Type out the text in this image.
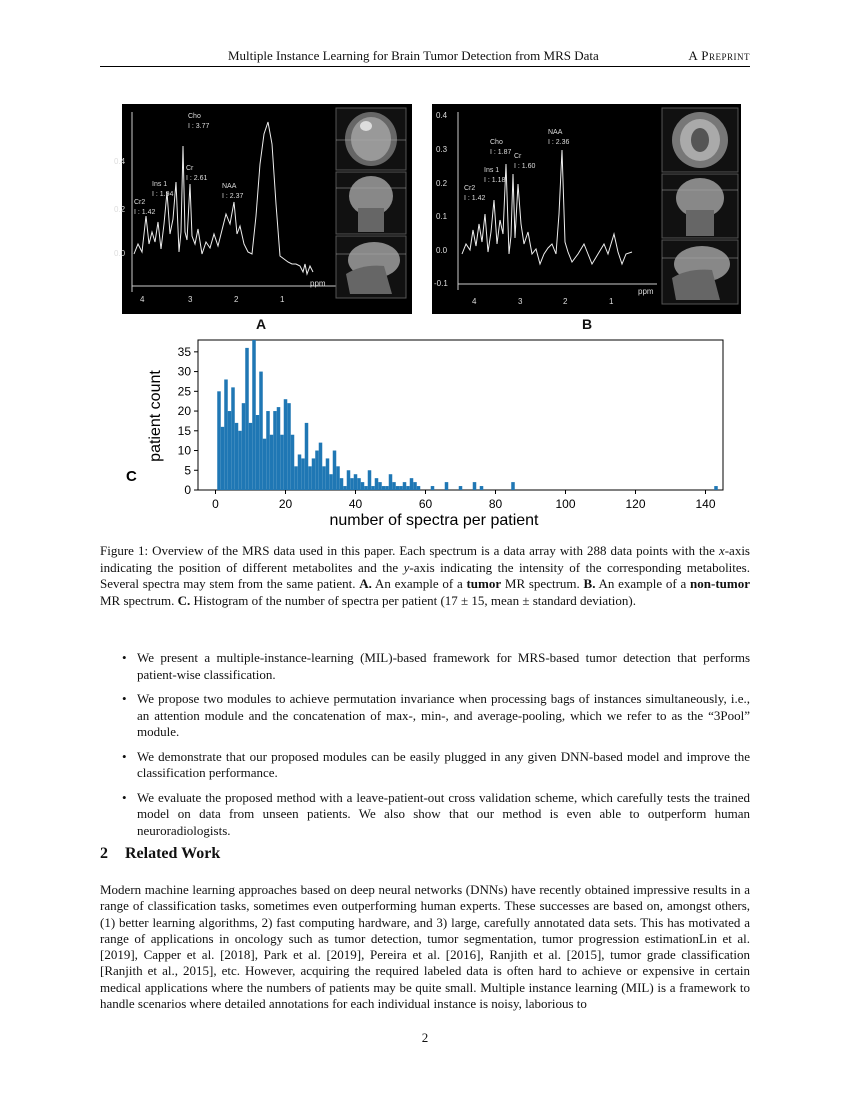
Multiple Instance Learning for Brain Tumor Detection from MRS Data	A Preprint
0.4
0.2
0.0
4	3	2	1
ppm
Cho
I : 3.77
Cr
I : 2.61
Ins 1
I : 1.94
Cr2
I : 1.42
NAA
I : 2.37
A
0.4
0.3
0.2
0.1
0.0
-0.1
4	3	2	1
ppm
NAA
I : 2.36
Cho
I : 1.87
Cr
I : 1.60
Ins 1
I : 1.18
Cr2
I : 1.42
B
0
5
10
15
20
25
30
35
0	20	40	60	80	100	120	140
patient count
number of spectra per patient
C
Figure 1: Overview of the MRS data used in this paper. Each spectrum is a data array with 288 data points with the x-axis indicating the position of different metabolites and the y-axis indicating the intensity of the corresponding metabolites. Several spectra may stem from the same patient. A. An example of a tumor MR spectrum. B. An example of a non-tumor MR spectrum. C. Histogram of the number of spectra per patient (17 ± 15, mean ± standard deviation).
• We present a multiple-instance-learning (MIL)-based framework for MRS-based tumor detection that performs patient-wise classification.
• We propose two modules to achieve permutation invariance when processing bags of instances simultaneously, i.e., an attention module and the concatenation of max-, min-, and average-pooling, which we refer to as the “3Pool” module.
• We demonstrate that our proposed modules can be easily plugged in any given DNN-based model and improve the classification performance.
• We evaluate the proposed method with a leave-patient-out cross validation scheme, which carefully tests the trained model on data from unseen patients. We also show that our method is even able to outperform human neuroradiologists.
2 Related Work
Modern machine learning approaches based on deep neural networks (DNNs) have recently obtained impressive results in a range of classification tasks, sometimes even outperforming human experts. These successes are based on, amongst others, (1) better learning algorithms, 2) fast computing hardware, and 3) large, carefully annotated data sets. This has motivated a range of applications in oncology such as tumor detection, tumor segmentation, tumor progression estimationLin et al. [2019], Capper et al. [2018], Park et al. [2019], Pereira et al. [2016], Ranjith et al. [2015], tumor grade classification [Ranjith et al., 2015], etc. However, acquiring the required labeled data is often hard to achieve or expensive in certain medical applications where the numbers of patients may be quite small. Multiple instance learning (MIL) is a framework to handle scenarios where detailed annotations for each individual instance is noisy, laborious to
2
